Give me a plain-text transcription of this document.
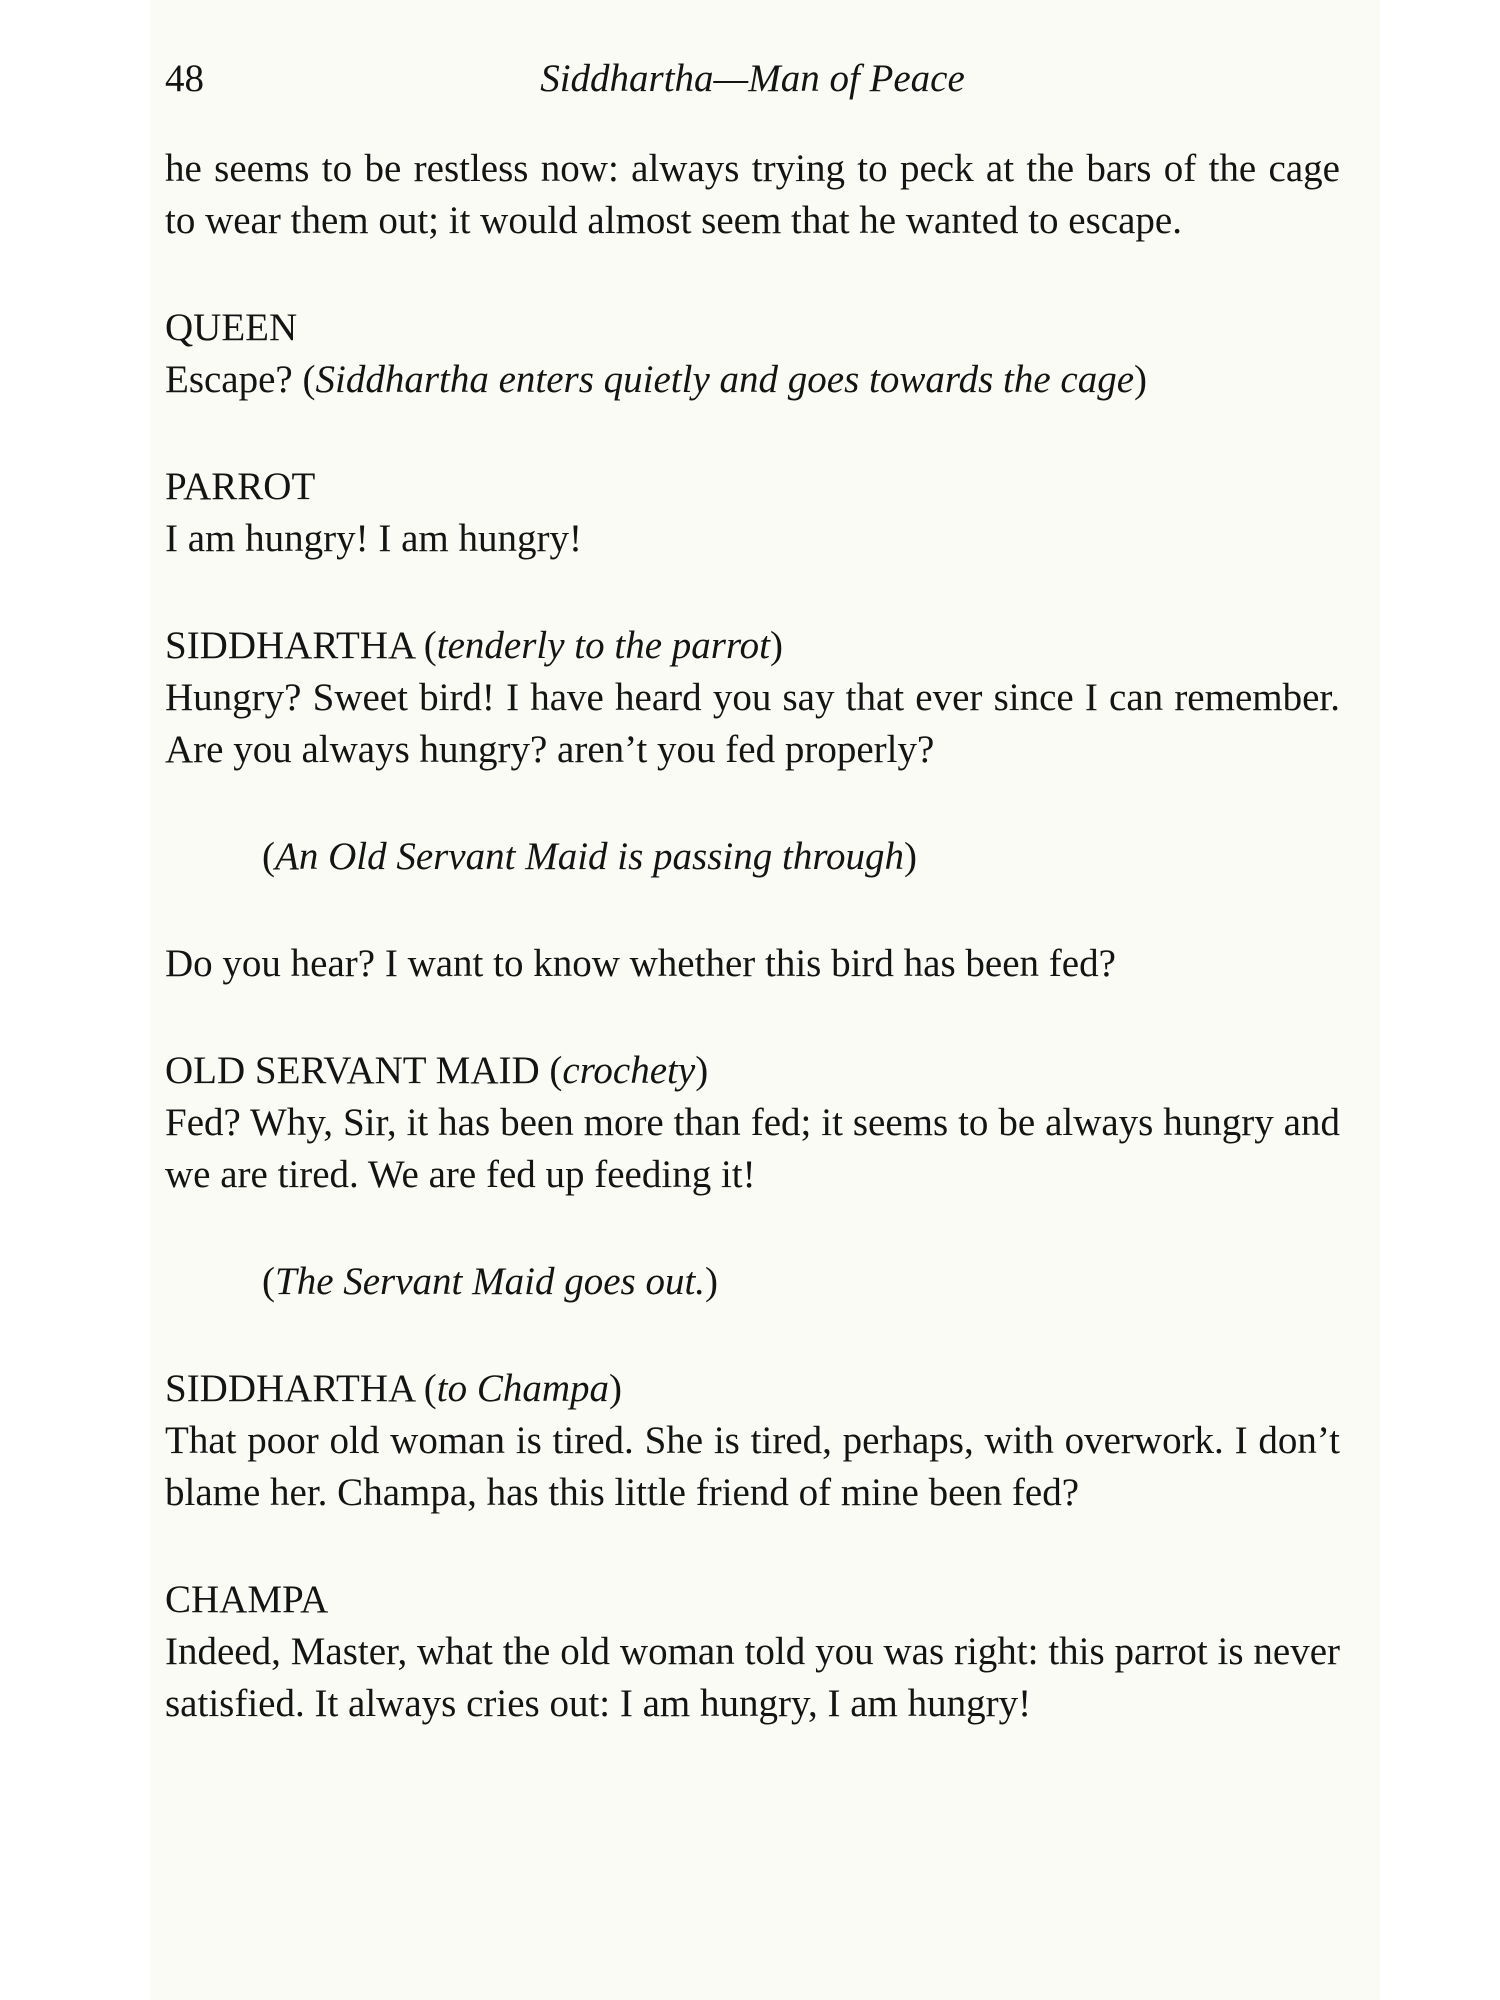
48	Siddhartha—Man of Peace

he seems to be restless now: always trying to peck at the bars of the cage to wear them out; it would almost seem that he wanted to escape.

QUEEN

Escape? (Siddhartha enters quietly and goes towards the cage)

PARROT

I am hungry! I am hungry!

SIDDHARTHA (tenderly to the parrot)

Hungry? Sweet bird! I have heard you say that ever since I can remember. Are you always hungry? aren’t you fed properly?

(An Old Servant Maid is passing through)

Do you hear? I want to know whether this bird has been fed?

OLD SERVANT MAID (crochety)

Fed? Why, Sir, it has been more than fed; it seems to be always hungry and we are tired. We are fed up feeding it!

(The Servant Maid goes out.)

SIDDHARTHA (to Champa)

That poor old woman is tired. She is tired, perhaps, with overwork. I don’t blame her. Champa, has this little friend of mine been fed?

CHAMPA

Indeed, Master, what the old woman told you was right: this parrot is never satisfied. It always cries out: I am hungry, I am hungry!
